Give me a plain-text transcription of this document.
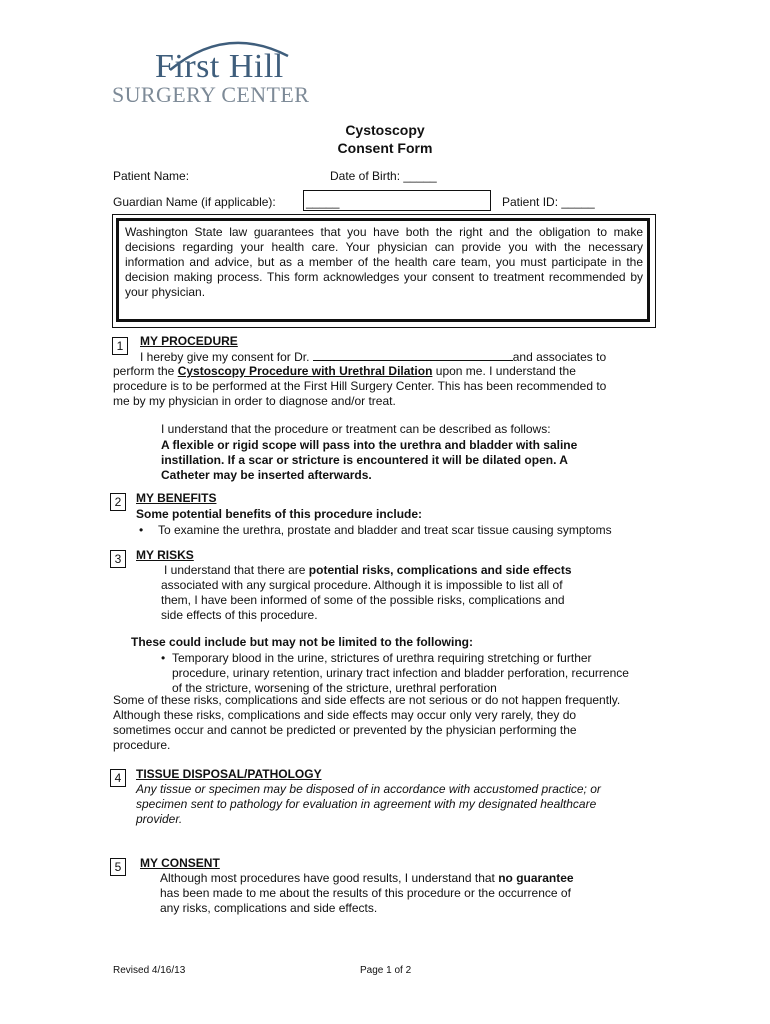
First Hill
SURGERY CENTER
Cystoscopy
Consent Form
Patient Name:	Date of Birth: _____
Guardian Name (if applicable):	_____	Patient ID: _____
Washington State law guarantees that you have both the right and the obligation to make decisions regarding your health care. Your physician can provide you with the necessary information and advice, but as a member of the health care team, you must participate in the decision making process. This form acknowledges your consent to treatment recommended by your physician.
1	MY PROCEDURE
I hereby give my consent for Dr.	and associates to
perform the Cystoscopy Procedure with Urethral Dilation upon me. I understand the
procedure is to be performed at the First Hill Surgery Center. This has been recommended to
me by my physician in order to diagnose and/or treat.
I understand that the procedure or treatment can be described as follows:
A flexible or rigid scope will pass into the urethra and bladder with saline
instillation. If a scar or stricture is encountered it will be dilated open. A
Catheter may be inserted afterwards.
2	MY BENEFITS
Some potential benefits of this procedure include:
• To examine the urethra, prostate and bladder and treat scar tissue causing symptoms
3	MY RISKS
I understand that there are potential risks, complications and side effects
associated with any surgical procedure. Although it is impossible to list all of
them, I have been informed of some of the possible risks, complications and
side effects of this procedure.
These could include but may not be limited to the following:
• Temporary blood in the urine, strictures of urethra requiring stretching or further
procedure, urinary retention, urinary tract infection and bladder perforation, recurrence
of the stricture, worsening of the stricture, urethral perforation
Some of these risks, complications and side effects are not serious or do not happen frequently.
Although these risks, complications and side effects may occur only very rarely, they do
sometimes occur and cannot be predicted or prevented by the physician performing the
procedure.
4	TISSUE DISPOSAL/PATHOLOGY
Any tissue or specimen may be disposed of in accordance with accustomed practice; or
specimen sent to pathology for evaluation in agreement with my designated healthcare
provider.
5	MY CONSENT
Although most procedures have good results, I understand that no guarantee
has been made to me about the results of this procedure or the occurrence of
any risks, complications and side effects.
Revised 4/16/13	Page 1 of 2
